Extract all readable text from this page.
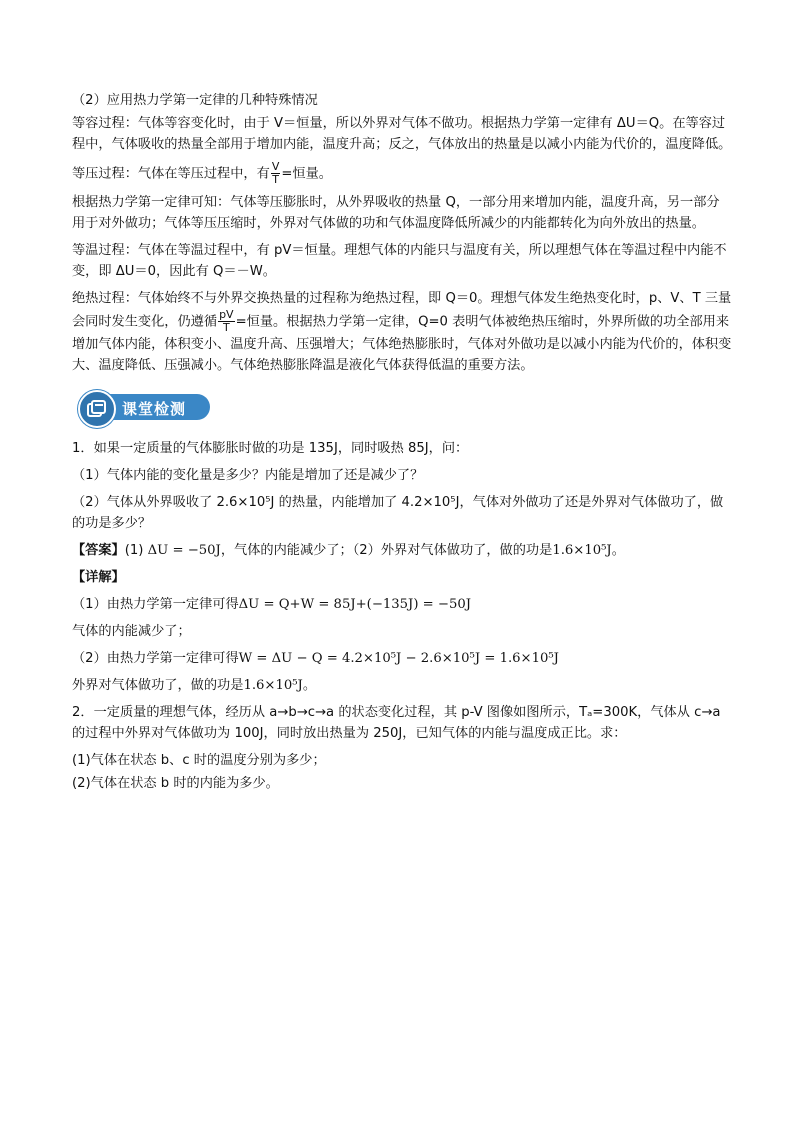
（2）应用热力学第一定律的几种特殊情况

等容过程：气体等容变化时，由于 V＝恒量，所以外界对气体不做功。根据热力学第一定律有 ΔU＝Q。在等容过程中，气体吸收的热量全部用于增加内能，温度升高；反之，气体放出的热量是以减小内能为代价的，温度降低。

等压过程：气体在等压过程中，有 $\frac{V}{T}$ =恒量。

根据热力学第一定律可知：气体等压膨胀时，从外界吸收的热量 Q，一部分用来增加内能，温度升高，另一部分用于对外做功；气体等压压缩时，外界对气体做的功和气体温度降低所减少的内能都转化为向外放出的热量。

等温过程：气体在等温过程中，有 pV＝恒量。理想气体的内能只与温度有关，所以理想气体在等温过程中内能不变，即 ΔU＝0，因此有 Q＝－W。

绝热过程：气体始终不与外界交换热量的过程称为绝热过程，即 Q＝0。理想气体发生绝热变化时，p、V、T 三量会同时发生变化，仍遵循 $\frac{pV}{T}$ =恒量。根据热力学第一定律，Q=0 表明气体被绝热压缩时，外界所做的功全部用来增加气体内能，体积变小、温度升高、压强增大；气体绝热膨胀时，气体对外做功是以减小内能为代价的，体积变大、温度降低、压强减小。气体绝热膨胀降温是液化气体获得低温的重要方法。

课堂检测

1．如果一定质量的气体膨胀时做的功是 135J，同时吸热 85J，问：

（1）气体内能的变化量是多少？内能是增加了还是减少了？

（2）气体从外界吸收了 2.6×10⁵J 的热量，内能增加了 4.2×10⁵J，气体对外做功了还是外界对气体做功了，做的功是多少？

【答案】(1) ΔU = −50J，气体的内能减少了；（2）外界对气体做功了，做的功是1.6×10⁵J。

【详解】

（1）由热力学第一定律可得ΔU = Q+W = 85J+(−135J) = −50J

气体的内能减少了；

（2）由热力学第一定律可得W = ΔU − Q = 4.2×10⁵J − 2.6×10⁵J = 1.6×10⁵J

外界对气体做功了，做的功是1.6×10⁵J。

2．一定质量的理想气体，经历从 a→b→c→a 的状态变化过程，其 p-V 图像如图所示，Tₐ=300K，气体从 c→a 的过程中外界对气体做功为 100J，同时放出热量为 250J，已知气体的内能与温度成正比。求：

(1)气体在状态 b、c 时的温度分别为多少；

(2)气体在状态 b 时的内能为多少。
